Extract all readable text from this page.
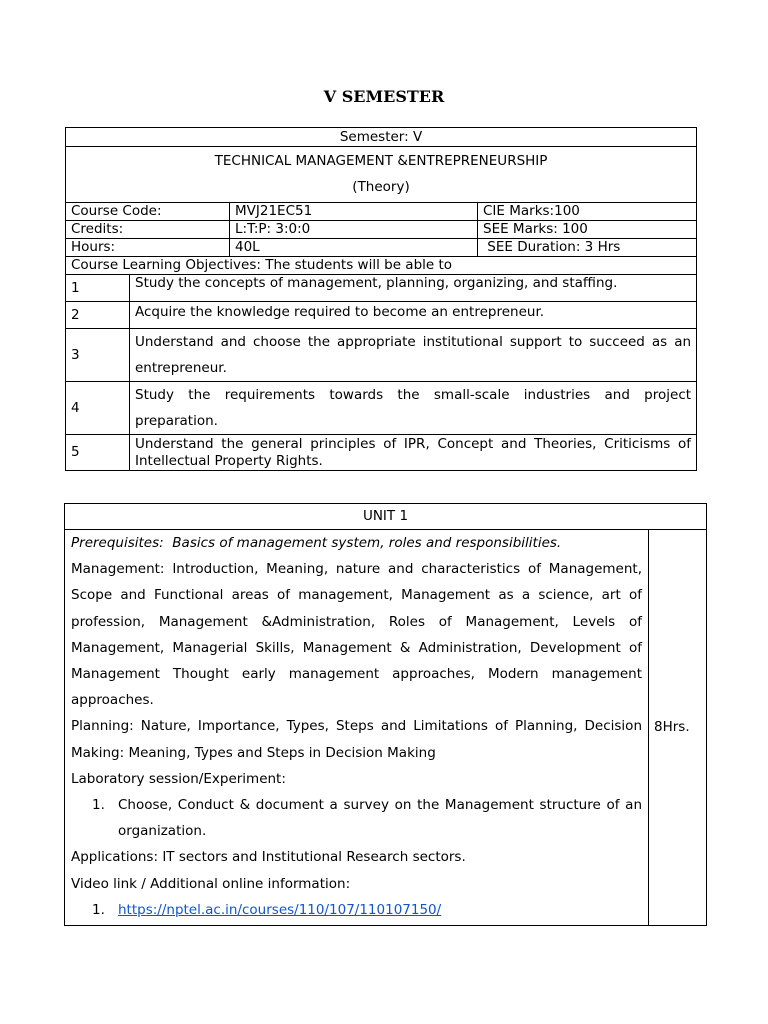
V SEMESTER
Semester: V			
TECHNICAL MANAGEMENT &ENTREPRENEURSHIP
(Theory)			
Course Code:		MVJ21EC51	CIE Marks:100
Credits:		L:T:P: 3:0:0	SEE Marks: 100
Hours:		40L	SEE Duration: 3 Hrs
Course Learning Objectives: The students will be able to			
1	Study the concepts of management, planning, organizing, and staffing.		
2	Acquire the knowledge required to become an entrepreneur.		
3	Understand and choose the appropriate institutional support to succeed as an entrepreneur.		
4	Study the requirements towards the small-scale industries and project preparation.		
5	Understand the general principles of IPR, Concept and Theories, Criticisms of Intellectual Property Rights.		
UNIT 1

Prerequisites: Basics of management system, roles and responsibilities.

Management: Introduction, Meaning, nature and characteristics of Management, Scope and Functional areas of management, Management as a science, art of profession, Management &Administration, Roles of Management, Levels of Management, Managerial Skills, Management & Administration, Development of Management Thought early management approaches, Modern management approaches.

Planning: Nature, Importance, Types, Steps and Limitations of Planning, Decision Making: Meaning, Types and Steps in Decision Making

Laboratory session/Experiment:

1. Choose, Conduct & document a survey on the Management structure of an organization.

Applications: IT sectors and Institutional Research sectors.

Video link / Additional online information:

1. https://nptel.ac.in/courses/110/107/110107150/
	8Hrs.
